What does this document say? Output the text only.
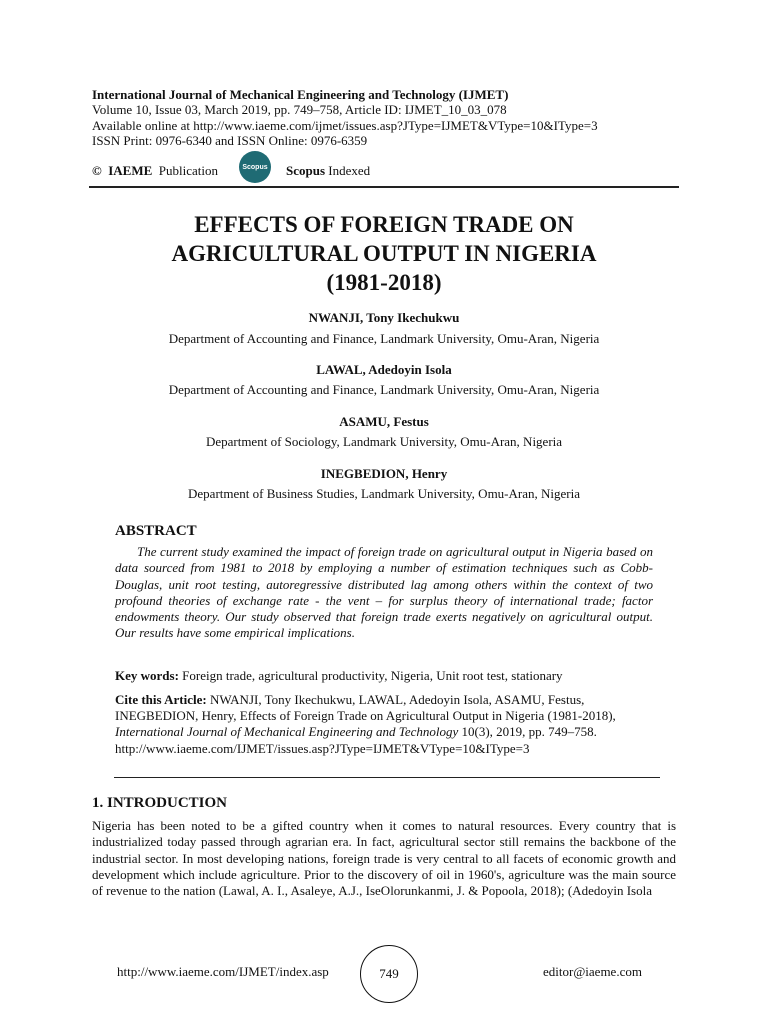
International Journal of Mechanical Engineering and Technology (IJMET)
Volume 10, Issue 03, March 2019, pp. 749–758, Article ID: IJMET_10_03_078
Available online at http://www.iaeme.com/ijmet/issues.asp?JType=IJMET&VType=10&IType=3
ISSN Print: 0976-6340 and ISSN Online: 0976-6359
© IAEME Publication	Scopus Scopus Indexed
EFFECTS OF FOREIGN TRADE ON
AGRICULTURAL OUTPUT IN NIGERIA
(1981-2018)
NWANJI, Tony Ikechukwu
Department of Accounting and Finance, Landmark University, Omu-Aran, Nigeria
LAWAL, Adedoyin Isola
Department of Accounting and Finance, Landmark University, Omu-Aran, Nigeria
ASAMU, Festus
Department of Sociology, Landmark University, Omu-Aran, Nigeria
INEGBEDION, Henry
Department of Business Studies, Landmark University, Omu-Aran, Nigeria
ABSTRACT
The current study examined the impact of foreign trade on agricultural output in Nigeria based on data sourced from 1981 to 2018 by employing a number of estimation techniques such as Cobb-Douglas, unit root testing, autoregressive distributed lag among others within the context of two profound theories of exchange rate - the vent – for surplus theory of international trade; factor endowments theory. Our study observed that foreign trade exerts negatively on agricultural output. Our results have some empirical implications.
Key words: Foreign trade, agricultural productivity, Nigeria, Unit root test, stationary
Cite this Article: NWANJI, Tony Ikechukwu, LAWAL, Adedoyin Isola, ASAMU, Festus, INEGBEDION, Henry, Effects of Foreign Trade on Agricultural Output in Nigeria (1981-2018), International Journal of Mechanical Engineering and Technology 10(3), 2019, pp. 749–758.
http://www.iaeme.com/IJMET/issues.asp?JType=IJMET&VType=10&IType=3
1. INTRODUCTION
Nigeria has been noted to be a gifted country when it comes to natural resources. Every country that is industrialized today passed through agrarian era. In fact, agricultural sector still remains the backbone of the industrial sector. In most developing nations, foreign trade is very central to all facets of economic growth and development which include agriculture. Prior to the discovery of oil in 1960's, agriculture was the main source of revenue to the nation (Lawal, A. I., Asaleye, A.J., IseOlorunkanmi, J. & Popoola, 2018); (Adedoyin Isola
http://www.iaeme.com/IJMET/index.asp	749	editor@iaeme.com
